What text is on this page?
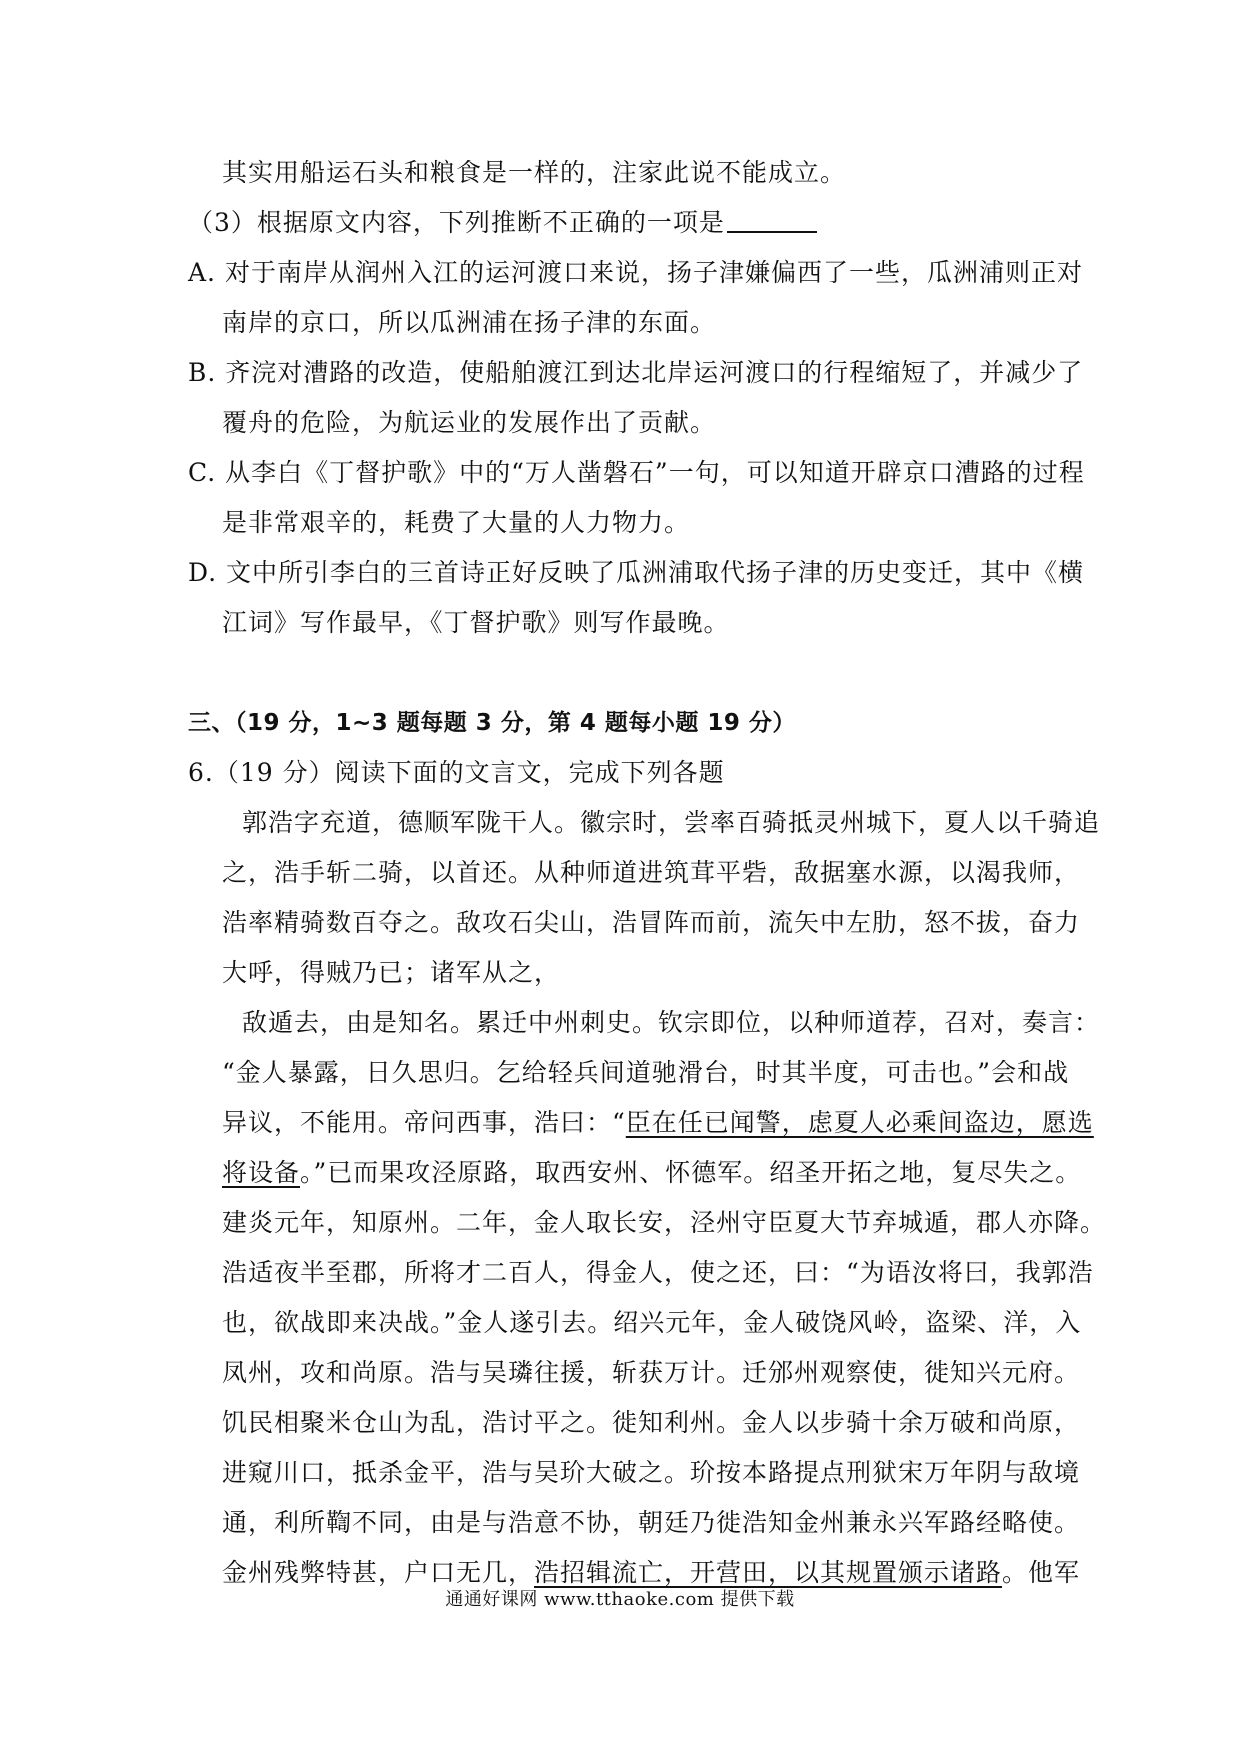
其实用船运石头和粮食是一样的，注家此说不能成立。
（3）根据原文内容，下列推断不正确的一项是
A. 对于南岸从润州入江的运河渡口来说，扬子津嫌偏西了一些，瓜洲浦则正对
南岸的京口，所以瓜洲浦在扬子津的东面。
B. 齐浣对漕路的改造，使船舶渡江到达北岸运河渡口的行程缩短了，并减少了
覆舟的危险，为航运业的发展作出了贡献。
C. 从李白《丁督护歌》中的“万人凿磐石”一句，可以知道开辟京口漕路的过程
是非常艰辛的，耗费了大量的人力物力。
D. 文中所引李白的三首诗正好反映了瓜洲浦取代扬子津的历史变迁，其中《横
江词》写作最早，《丁督护歌》则写作最晚。
三、（19 分，1~3 题每题 3 分，第 4 题每小题 19 分）
6.（19 分）阅读下面的文言文，完成下列各题
郭浩字充道，德顺军陇干人。徽宗时，尝率百骑抵灵州城下，夏人以千骑追
之，浩手斩二骑，以首还。从种师道进筑茸平砦，敌据塞水源，以渴我师，
浩率精骑数百夺之。敌攻石尖山，浩冒阵而前，流矢中左肋，怒不拔，奋力
大呼，得贼乃已；诸军从之，
敌遁去，由是知名。累迁中州刺史。钦宗即位，以种师道荐，召对，奏言：
“金人暴露，日久思归。乞给轻兵间道驰滑台，时其半度，可击也。”会和战
异议，不能用。帝问西事，浩曰：“臣在任已闻警，虑夏人必乘间盗边，愿选
将设备。”已而果攻泾原路，取西安州、怀德军。绍圣开拓之地，复尽失之。
建炎元年，知原州。二年，金人取长安，泾州守臣夏大节弃城遁，郡人亦降。
浩适夜半至郡，所将才二百人，得金人，使之还，曰：“为语汝将曰，我郭浩
也，欲战即来决战。”金人遂引去。绍兴元年，金人破饶风岭，盗梁、洋，入
凤州，攻和尚原。浩与吴璘往援，斩获万计。迁邠州观察使，徙知兴元府。
饥民相聚米仓山为乱，浩讨平之。徙知利州。金人以步骑十余万破和尚原，
进窥川口，抵杀金平，浩与吴玠大破之。玠按本路提点刑狱宋万年阴与敌境
通，利所鞫不同，由是与浩意不协，朝廷乃徙浩知金州兼永兴军路经略使。
金州残弊特甚，户口无几，浩招辑流亡，开营田，以其规置颁示诸路。他军
通通好课网 www.tthaoke.com 提供下载
